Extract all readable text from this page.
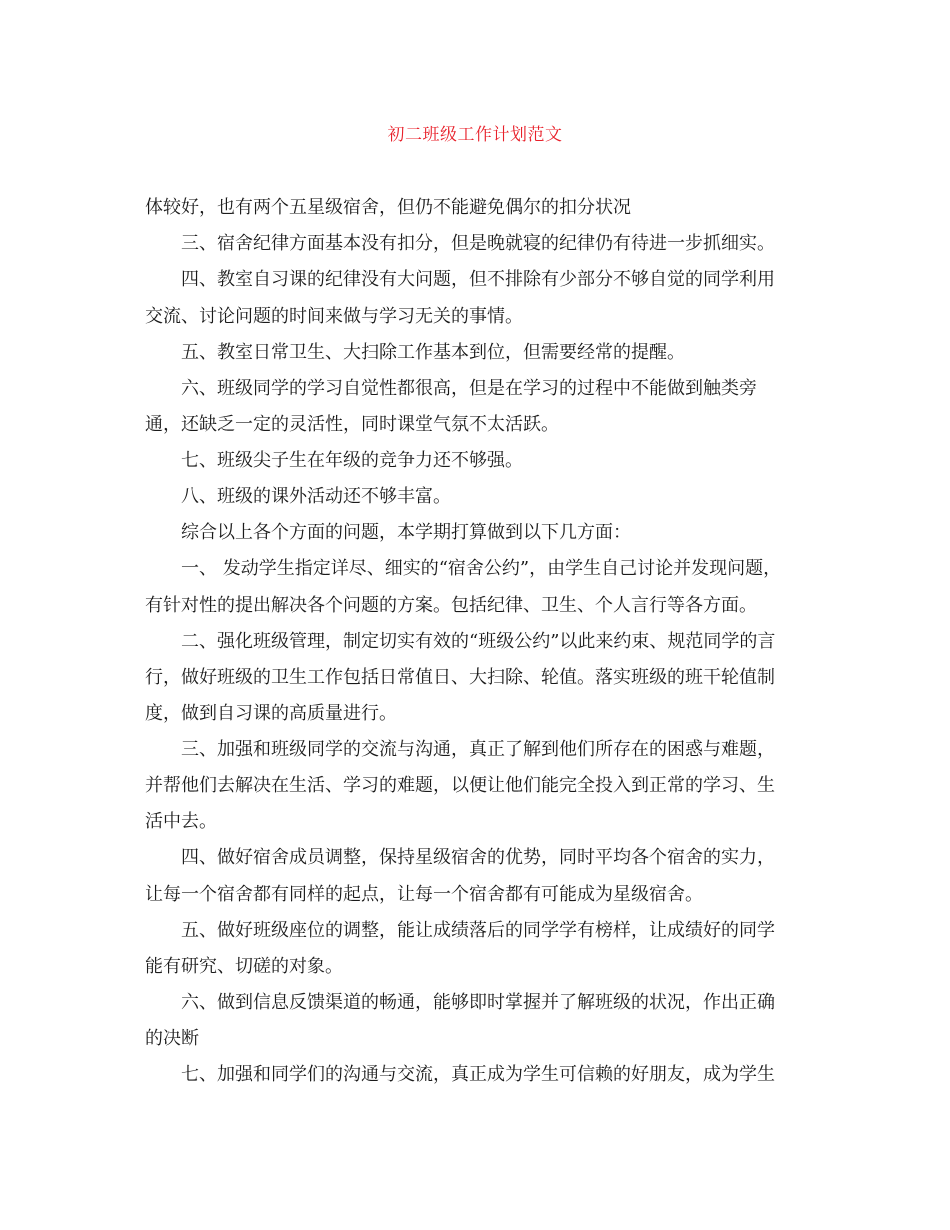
初二班级工作计划范文
体较好，也有两个五星级宿舍，但仍不能避免偶尔的扣分状况
三、宿舍纪律方面基本没有扣分，但是晚就寝的纪律仍有待进一步抓细实。
四、教室自习课的纪律没有大问题，但不排除有少部分不够自觉的同学利用
交流、讨论问题的时间来做与学习无关的事情。
五、教室日常卫生、大扫除工作基本到位，但需要经常的提醒。
六、班级同学的学习自觉性都很高，但是在学习的过程中不能做到触类旁
通，还缺乏一定的灵活性，同时课堂气氛不太活跃。
七、班级尖子生在年级的竞争力还不够强。
八、班级的课外活动还不够丰富。
综合以上各个方面的问题，本学期打算做到以下几方面：
一、 发动学生指定详尽、细实的“宿舍公约”，由学生自己讨论并发现问题，
有针对性的提出解决各个问题的方案。包括纪律、卫生、个人言行等各方面。
二、强化班级管理，制定切实有效的“班级公约”以此来约束、规范同学的言
行，做好班级的卫生工作包括日常值日、大扫除、轮值。落实班级的班干轮值制
度，做到自习课的高质量进行。
三、加强和班级同学的交流与沟通，真正了解到他们所存在的困惑与难题，
并帮他们去解决在生活、学习的难题，以便让他们能完全投入到正常的学习、生
活中去。
四、做好宿舍成员调整，保持星级宿舍的优势，同时平均各个宿舍的实力，
让每一个宿舍都有同样的起点，让每一个宿舍都有可能成为星级宿舍。
五、做好班级座位的调整，能让成绩落后的同学学有榜样，让成绩好的同学
能有研究、切磋的对象。
六、做到信息反馈渠道的畅通，能够即时掌握并了解班级的状况，作出正确
的决断
七、加强和同学们的沟通与交流，真正成为学生可信赖的好朋友，成为学生
